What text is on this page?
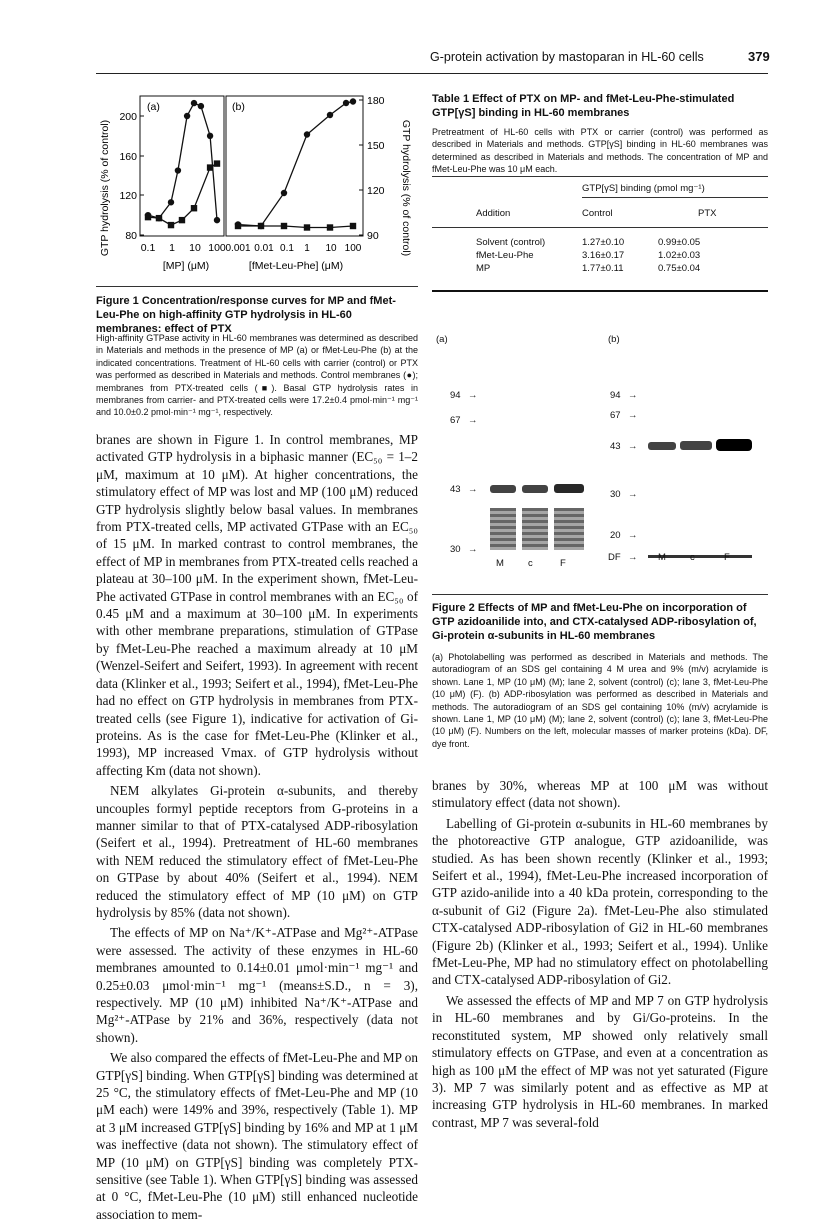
G-protein activation by mastoparan in HL-60 cells	379
GTP hydrolysis (% of control)	GTP hydrolysis (% of control)
(a)	(b)
80
120
160
200
90
120
150
180
0.1 1 10 100 0.001 0.01 0.1 1 10 100
[MP] (μM)	[fMet-Leu-Phe] (μM)
Figure 1 Concentration/response curves for MP and fMet-Leu-Phe on high-affinity GTP hydrolysis in HL-60 membranes: effect of PTX
High-affinity GTPase activity in HL-60 membranes was determined as described in Materials and methods in the presence of MP (a) or fMet-Leu-Phe (b) at the indicated concentrations. Treatment of HL-60 cells with carrier (control) or PTX was performed as described in Materials and methods. Control membranes (●); membranes from PTX-treated cells (■). Basal GTP hydrolysis rates in membranes from carrier- and PTX-treated cells were 17.2±0.4 pmol·min⁻¹ mg⁻¹ and 10.0±0.2 pmol·min⁻¹ mg⁻¹, respectively.

branes are shown in Figure 1. In control membranes, MP activated GTP hydrolysis in a biphasic manner (EC₅₀ = 1–2 μM, maximum at 10 μM). At higher concentrations, the stimulatory effect of MP was lost and MP (100 μM) reduced GTP hydrolysis slightly below basal values. In membranes from PTX-treated cells, MP activated GTPase with an EC₅₀ of 15 μM. In marked contrast to control membranes, the effect of MP in membranes from PTX-treated cells reached a plateau at 30–100 μM. In the experiment shown, fMet-Leu-Phe activated GTPase in control membranes with an EC₅₀ of 0.45 μM and a maximum at 30–100 μM. In experiments with other membrane preparations, stimulation of GTPase by fMet-Leu-Phe reached a maximum already at 10 μM (Wenzel-Seifert and Seifert, 1993). In agreement with recent data (Klinker et al., 1993; Seifert et al., 1994), fMet-Leu-Phe had no effect on GTP hydrolysis in membranes from PTX-treated cells (see Figure 1), indicative for activation of Gi-proteins. As is the case for fMet-Leu-Phe (Klinker et al., 1993), MP increased Vmax. of GTP hydrolysis without affecting Km (data not shown).

NEM alkylates Gi-protein α-subunits, and thereby uncouples formyl peptide receptors from G-proteins in a manner similar to that of PTX-catalysed ADP-ribosylation (Seifert et al., 1994). Pretreatment of HL-60 membranes with NEM reduced the stimulatory effect of fMet-Leu-Phe on GTPase by about 40% (Seifert et al., 1994). NEM reduced the stimulatory effect of MP (10 μM) on GTP hydrolysis by 85% (data not shown).

The effects of MP on Na⁺/K⁺-ATPase and Mg²⁺-ATPase were assessed. The activity of these enzymes in HL-60 membranes amounted to 0.14±0.01 μmol·min⁻¹ mg⁻¹ and 0.25±0.03 μmol·min⁻¹ mg⁻¹ (means±S.D., n = 3), respectively. MP (10 μM) inhibited Na⁺/K⁺-ATPase and Mg²⁺-ATPase by 21% and 36%, respectively (data not shown).

We also compared the effects of fMet-Leu-Phe and MP on GTP[γS] binding. When GTP[γS] binding was determined at 25 °C, the stimulatory effects of fMet-Leu-Phe and MP (10 μM each) were 149% and 39%, respectively (Table 1). MP at 3 μM increased GTP[γS] binding by 16% and MP at 1 μM was ineffective (data not shown). The stimulatory effect of MP (10 μM) on GTP[γS] binding was completely PTX-sensitive (see Table 1). When GTP[γS] binding was assessed at 0 °C, fMet-Leu-Phe (10 μM) still enhanced nucleotide association to mem-

Table 1 Effect of PTX on MP- and fMet-Leu-Phe-stimulated GTP[γS] binding in HL-60 membranes
Pretreatment of HL-60 cells with PTX or carrier (control) was performed as described in Materials and methods. GTP[γS] binding in HL-60 membranes was determined as described in Materials and methods. The concentration of MP and fMet-Leu-Phe was 10 μM each.
	GTP[γS] binding (pmol mg⁻¹)	
Addition	Control	PTX
Solvent (control)	1.27±0.10	0.99±0.05
fMet-Leu-Phe	3.16±0.17	1.02±0.03
MP	1.77±0.11	0.75±0.04
(a)	(b)
94 →
67 →
43 →
30 →
M	c	F
94 →
67 →
43 →
30 →
20 →
DF → M	c	F
Figure 2 Effects of MP and fMet-Leu-Phe on incorporation of GTP azidoanilide into, and CTX-catalysed ADP-ribosylation of, Gi-protein α-subunits in HL-60 membranes
(a) Photolabelling was performed as described in Materials and methods. The autoradiogram of an SDS gel containing 4 M urea and 9% (m/v) acrylamide is shown. Lane 1, MP (10 μM) (M); lane 2, solvent (control) (c); lane 3, fMet-Leu-Phe (10 μM) (F). (b) ADP-ribosylation was performed as described in Materials and methods. The autoradiogram of an SDS gel containing 10% (m/v) acrylamide is shown. Lane 1, MP (10 μM) (M); lane 2, solvent (control) (c); lane 3, fMet-Leu-Phe (10 μM) (F). Numbers on the left, molecular masses of marker proteins (kDa). DF, dye front.

branes by 30%, whereas MP at 100 μM was without stimulatory effect (data not shown).

Labelling of Gi-protein α-subunits in HL-60 membranes by the photoreactive GTP analogue, GTP azidoanilide, was studied. As has been shown recently (Klinker et al., 1993; Seifert et al., 1994), fMet-Leu-Phe increased incorporation of GTP azido-anilide into a 40 kDa protein, corresponding to the α-subunit of Gi2 (Figure 2a). fMet-Leu-Phe also stimulated CTX-catalysed ADP-ribosylation of Gi2 in HL-60 membranes (Figure 2b) (Klinker et al., 1993; Seifert et al., 1994). Unlike fMet-Leu-Phe, MP had no stimulatory effect on photolabelling and CTX-catalysed ADP-ribosylation of Gi2.

We assessed the effects of MP and MP 7 on GTP hydrolysis in HL-60 membranes and by Gi/Go-proteins. In the reconstituted system, MP showed only relatively small stimulatory effects on GTPase, and even at a concentration as high as 100 μM the effect of MP was not yet saturated (Figure 3). MP 7 was similarly potent and as effective as MP at increasing GTP hydrolysis in HL-60 membranes. In marked contrast, MP 7 was several-fold
